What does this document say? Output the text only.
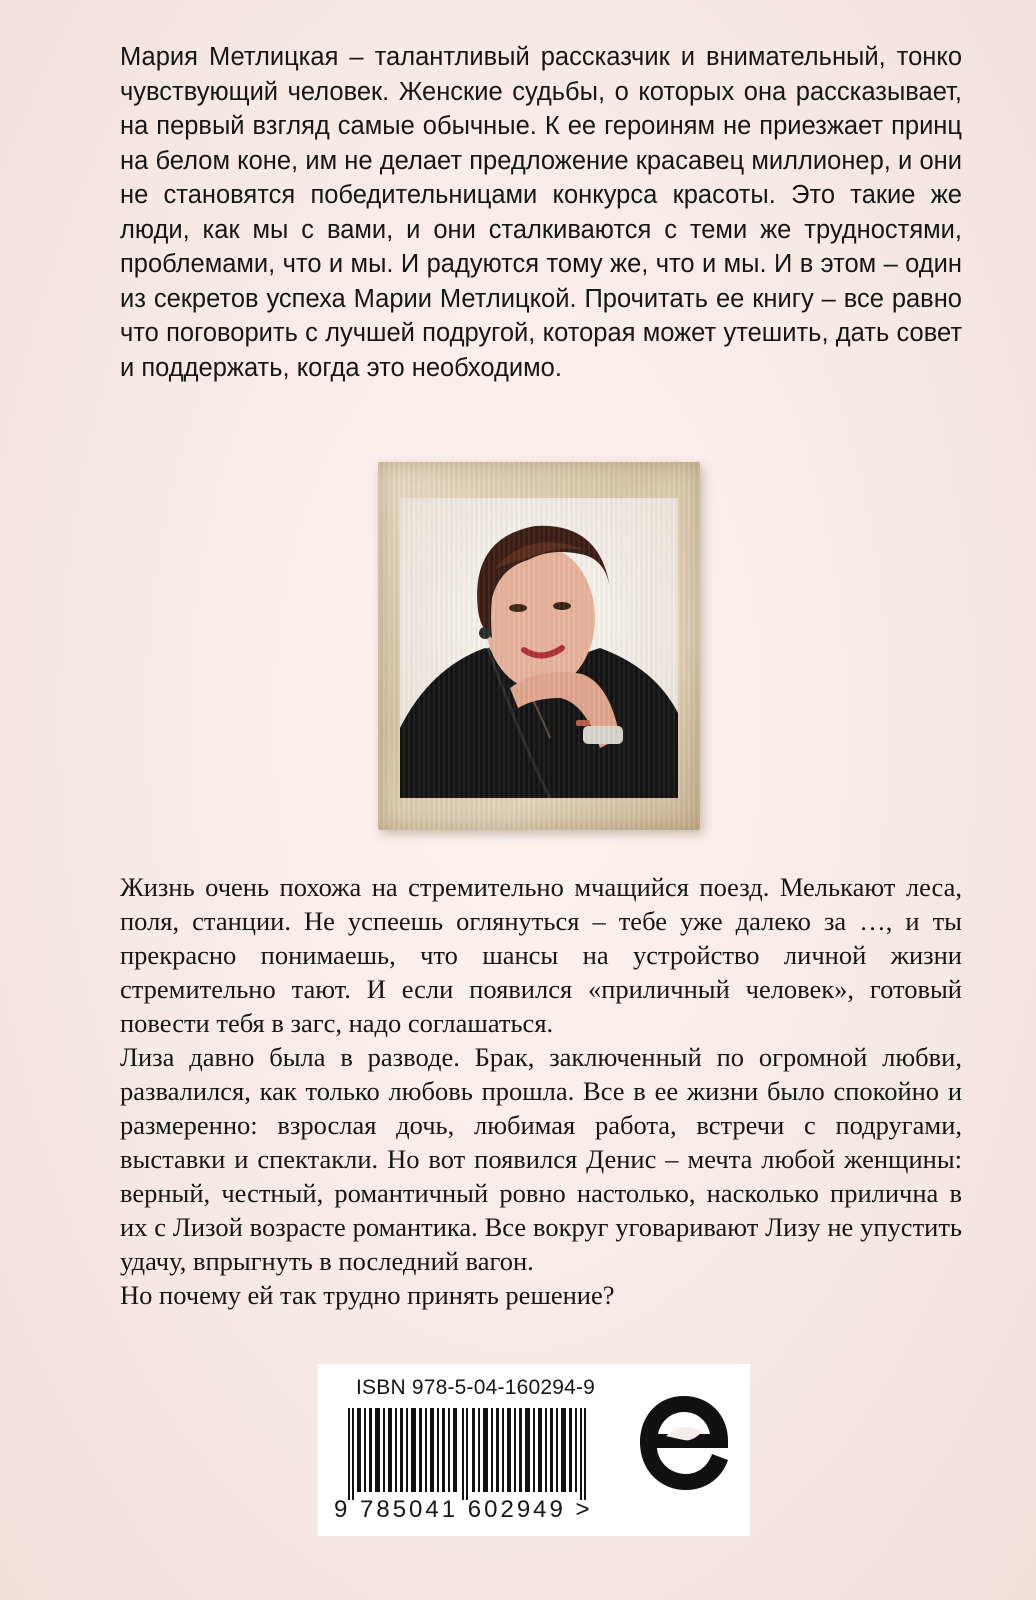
Мария Метлицкая – талантливый рассказчик и внимательный, тонко чувствующий человек. Женские судьбы, о которых она рассказывает, на первый взгляд самые обычные. К ее героиням не приезжает принц на белом коне, им не делает предложение красавец миллионер, и они не становятся победительницами конкурса красоты. Это такие же люди, как мы с вами, и они сталкиваются с теми же трудностями, проблемами, что и мы. И радуются тому же, что и мы. И в этом – один из секретов успеха Марии Метлицкой. Прочитать ее книгу – все равно что поговорить с лучшей подругой, которая может утешить, дать совет и поддержать, когда это необходимо.

Жизнь очень похожа на стремительно мчащийся поезд. Мелькают леса, поля, станции. Не успеешь оглянуться – тебе уже далеко за …, и ты прекрасно понимаешь, что шансы на устройство личной жизни стремительно тают. И если появился «приличный человек», готовый повести тебя в загс, надо соглашаться.

Лиза давно была в разводе. Брак, заключенный по огромной любви, развалился, как только любовь прошла. Все в ее жизни было спокойно и размеренно: взрослая дочь, любимая работа, встречи с подругами, выставки и спектакли. Но вот появился Денис – мечта любой женщины: верный, честный, романтичный ровно настолько, насколько прилична в их с Лизой возрасте романтика. Все вокруг уговаривают Лизу не упустить удачу, впрыгнуть в последний вагон.

Но почему ей так трудно принять решение?

ISBN 978-5-04-160294-9
9 785041 602949 >
